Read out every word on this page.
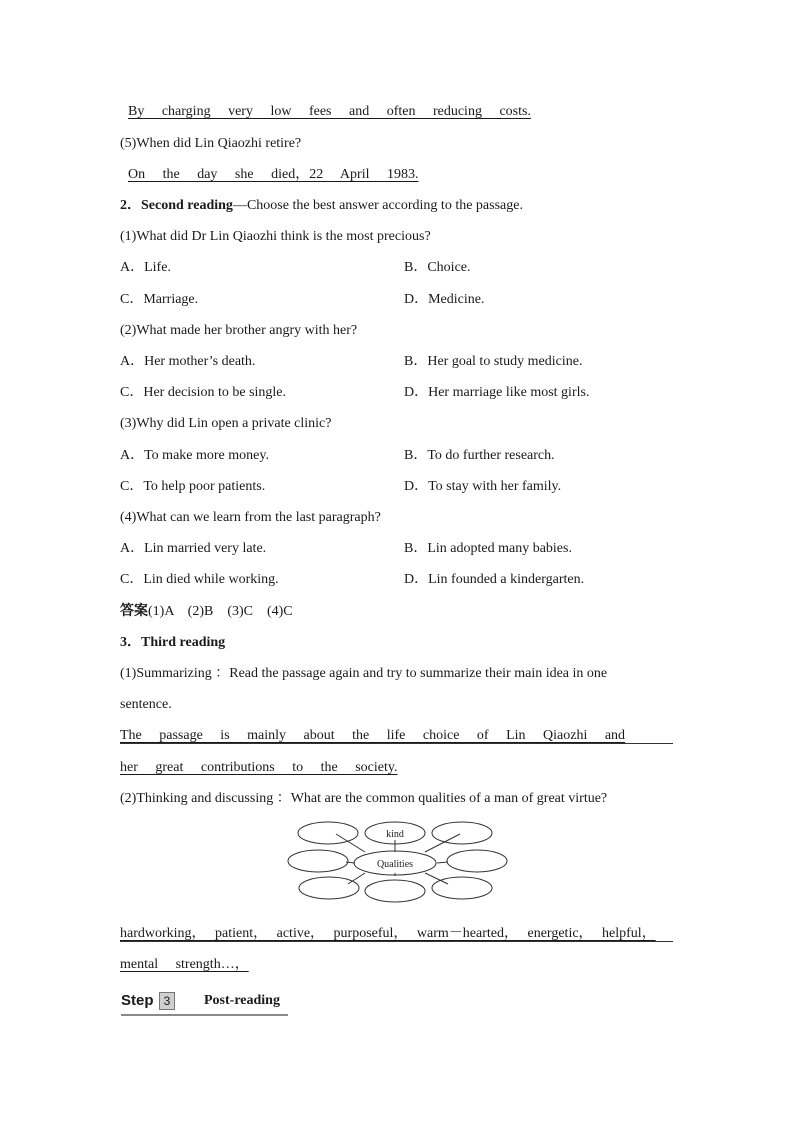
By charging very low fees and often reducing costs.
(5)When did Lin Qiaozhi retire?
On the day she died，22 April 1983.
2．Second reading—Choose the best answer according to the passage.
(1)What did Dr Lin Qiaozhi think is the most precious?
A．Life.	B．Choice.
C．Marriage.	D．Medicine.
(2)What made her brother angry with her?
A．Her mother’s death.	B．Her goal to study medicine.
C．Her decision to be single.	D．Her marriage like most girls.
(3)Why did Lin open a private clinic?
A．To make more money.	B．To do further research.
C．To help poor patients.	D．To stay with her family.
(4)What can we learn from the last paragraph?
A．Lin married very late.	B．Lin adopted many babies.
C．Lin died while working.	D．Lin founded a kindergarten.
答案(1)A　(2)B　(3)C　(4)C
3．Third reading
(1)Summarizing ：Read the passage again and try to summarize their main idea in one
sentence.
The passage is mainly about the life choice of Lin Qiaozhi and
her great contributions to the society.
(2)Thinking and discussing ：What are the common qualities of a man of great virtue?
kind
Qualities
hardworking， patient， active， purposeful， warm－hearted， energetic， helpful，
mental strength…，
Step 3	Post-reading
